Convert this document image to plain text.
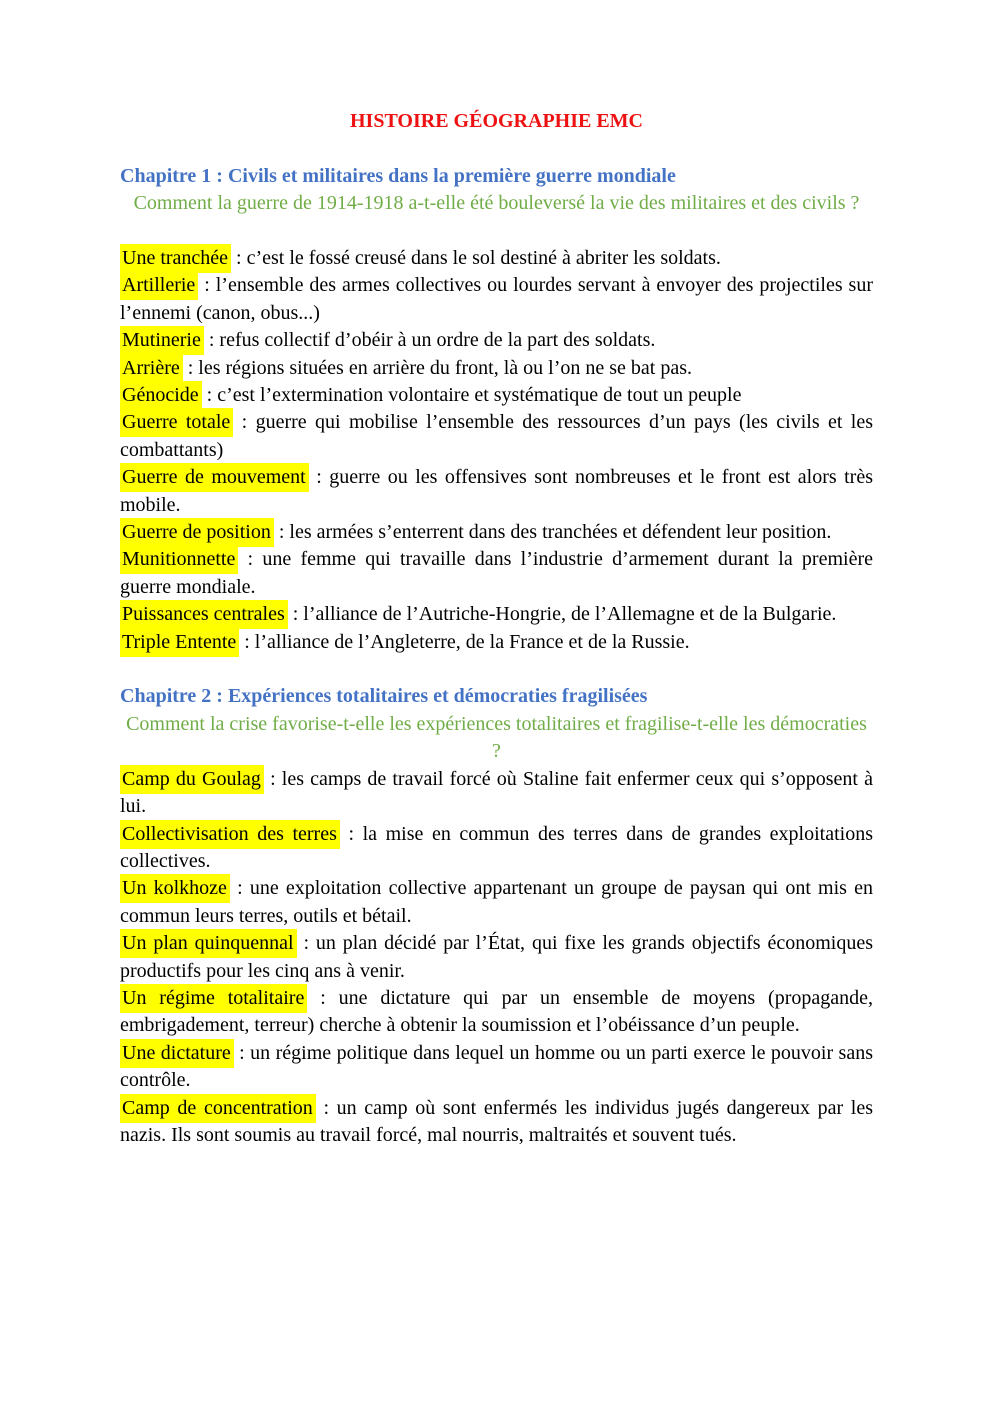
HISTOIRE GÉOGRAPHIE EMC
Chapitre 1 : Civils et militaires dans la première guerre mondiale

Comment la guerre de 1914-1918 a-t-elle été bouleversé la vie des militaires et des civils ?

Une tranchée : c’est le fossé creusé dans le sol destiné à abriter les soldats.

Artillerie : l’ensemble des armes collectives ou lourdes servant à envoyer des projectiles sur l’ennemi (canon, obus...)

Mutinerie : refus collectif d’obéir à un ordre de la part des soldats.

Arrière : les régions situées en arrière du front, là ou l’on ne se bat pas.

Génocide : c’est l’extermination volontaire et systématique de tout un peuple

Guerre totale : guerre qui mobilise l’ensemble des ressources d’un pays (les civils et les combattants)

Guerre de mouvement : guerre ou les offensives sont nombreuses et le front est alors très mobile.

Guerre de position : les armées s’enterrent dans des tranchées et défendent leur position.

Munitionnette : une femme qui travaille dans l’industrie d’armement durant la première guerre mondiale.

Puissances centrales : l’alliance de l’Autriche-Hongrie, de l’Allemagne et de la Bulgarie.

Triple Entente : l’alliance de l’Angleterre, de la France et de la Russie.

Chapitre 2 : Expériences totalitaires et démocraties fragilisées

Comment la crise favorise-t-elle les expériences totalitaires et fragilise-t-elle les démocraties ?

Camp du Goulag : les camps de travail forcé où Staline fait enfermer ceux qui s’opposent à lui.

Collectivisation des terres : la mise en commun des terres dans de grandes exploitations collectives.

Un kolkhoze : une exploitation collective appartenant un groupe de paysan qui ont mis en commun leurs terres, outils et bétail.

Un plan quinquennal : un plan décidé par l’État, qui fixe les grands objectifs économiques productifs pour les cinq ans à venir.

Un régime totalitaire : une dictature qui par un ensemble de moyens (propagande, embrigadement, terreur) cherche à obtenir la soumission et l’obéissance d’un peuple.

Une dictature : un régime politique dans lequel un homme ou un parti exerce le pouvoir sans contrôle.

Camp de concentration : un camp où sont enfermés les individus jugés dangereux par les nazis. Ils sont soumis au travail forcé, mal nourris, maltraités et souvent tués.
